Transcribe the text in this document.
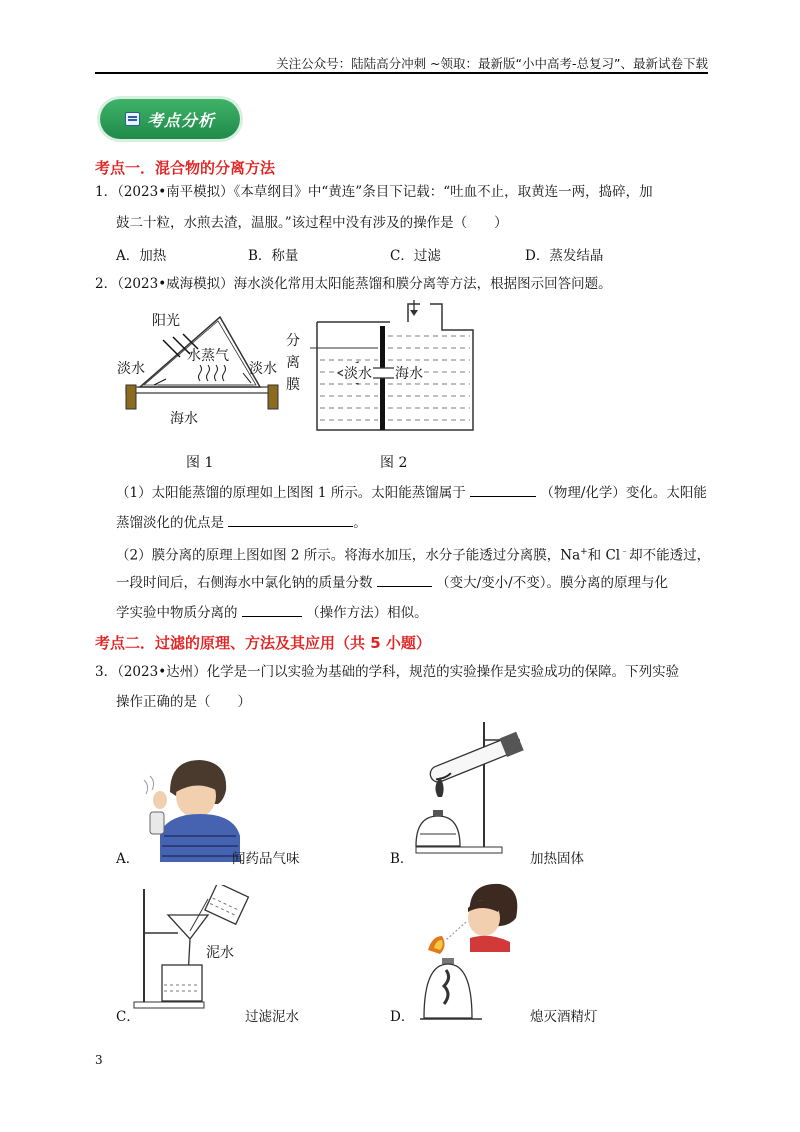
关注公众号：陆陆高分冲刺 ~领取：最新版“小中高考-总复习”、最新试卷下载
考点分析
考点一．混合物的分离方法
1．（2023•南平模拟）《本草纲目》中“黄连”条目下记载：“吐血不止，取黄连一两，捣碎，加
鼓二十粒，水煎去渣，温服。”该过程中没有涉及的操作是（　　）
A．加热	B．称量	C．过滤	D．蒸发结晶
2．（2023•威海模拟）海水淡化常用太阳能蒸馏和膜分离等方法，根据图示回答问题。
阳光
水蒸气
淡水	淡水
海水
分
离
膜
淡水 海水
图 1	图 2
（1）太阳能蒸馏的原理如上图图 1 所示。太阳能蒸馏属于	（物理/化学）变化。太阳能
蒸馏淡化的优点是	。
（2）膜分离的原理上图如图 2 所示。将海水加压，水分子能透过分离膜，Na+和 Cl﹣却不能透过，
一段时间后，右侧海水中氯化钠的质量分数	（变大/变小/不变）。膜分离的原理与化
学实验中物质分离的	（操作方法）相似。
考点二．过滤的原理、方法及其应用（共 5 小题）
3．（2023•达州）化学是一门以实验为基础的学科，规范的实验操作是实验成功的保障。下列实验
操作正确的是（　　）
A．	闻药品气味	B．	加热固体
泥水
C．	过滤泥水	D．	熄灭酒精灯
3
